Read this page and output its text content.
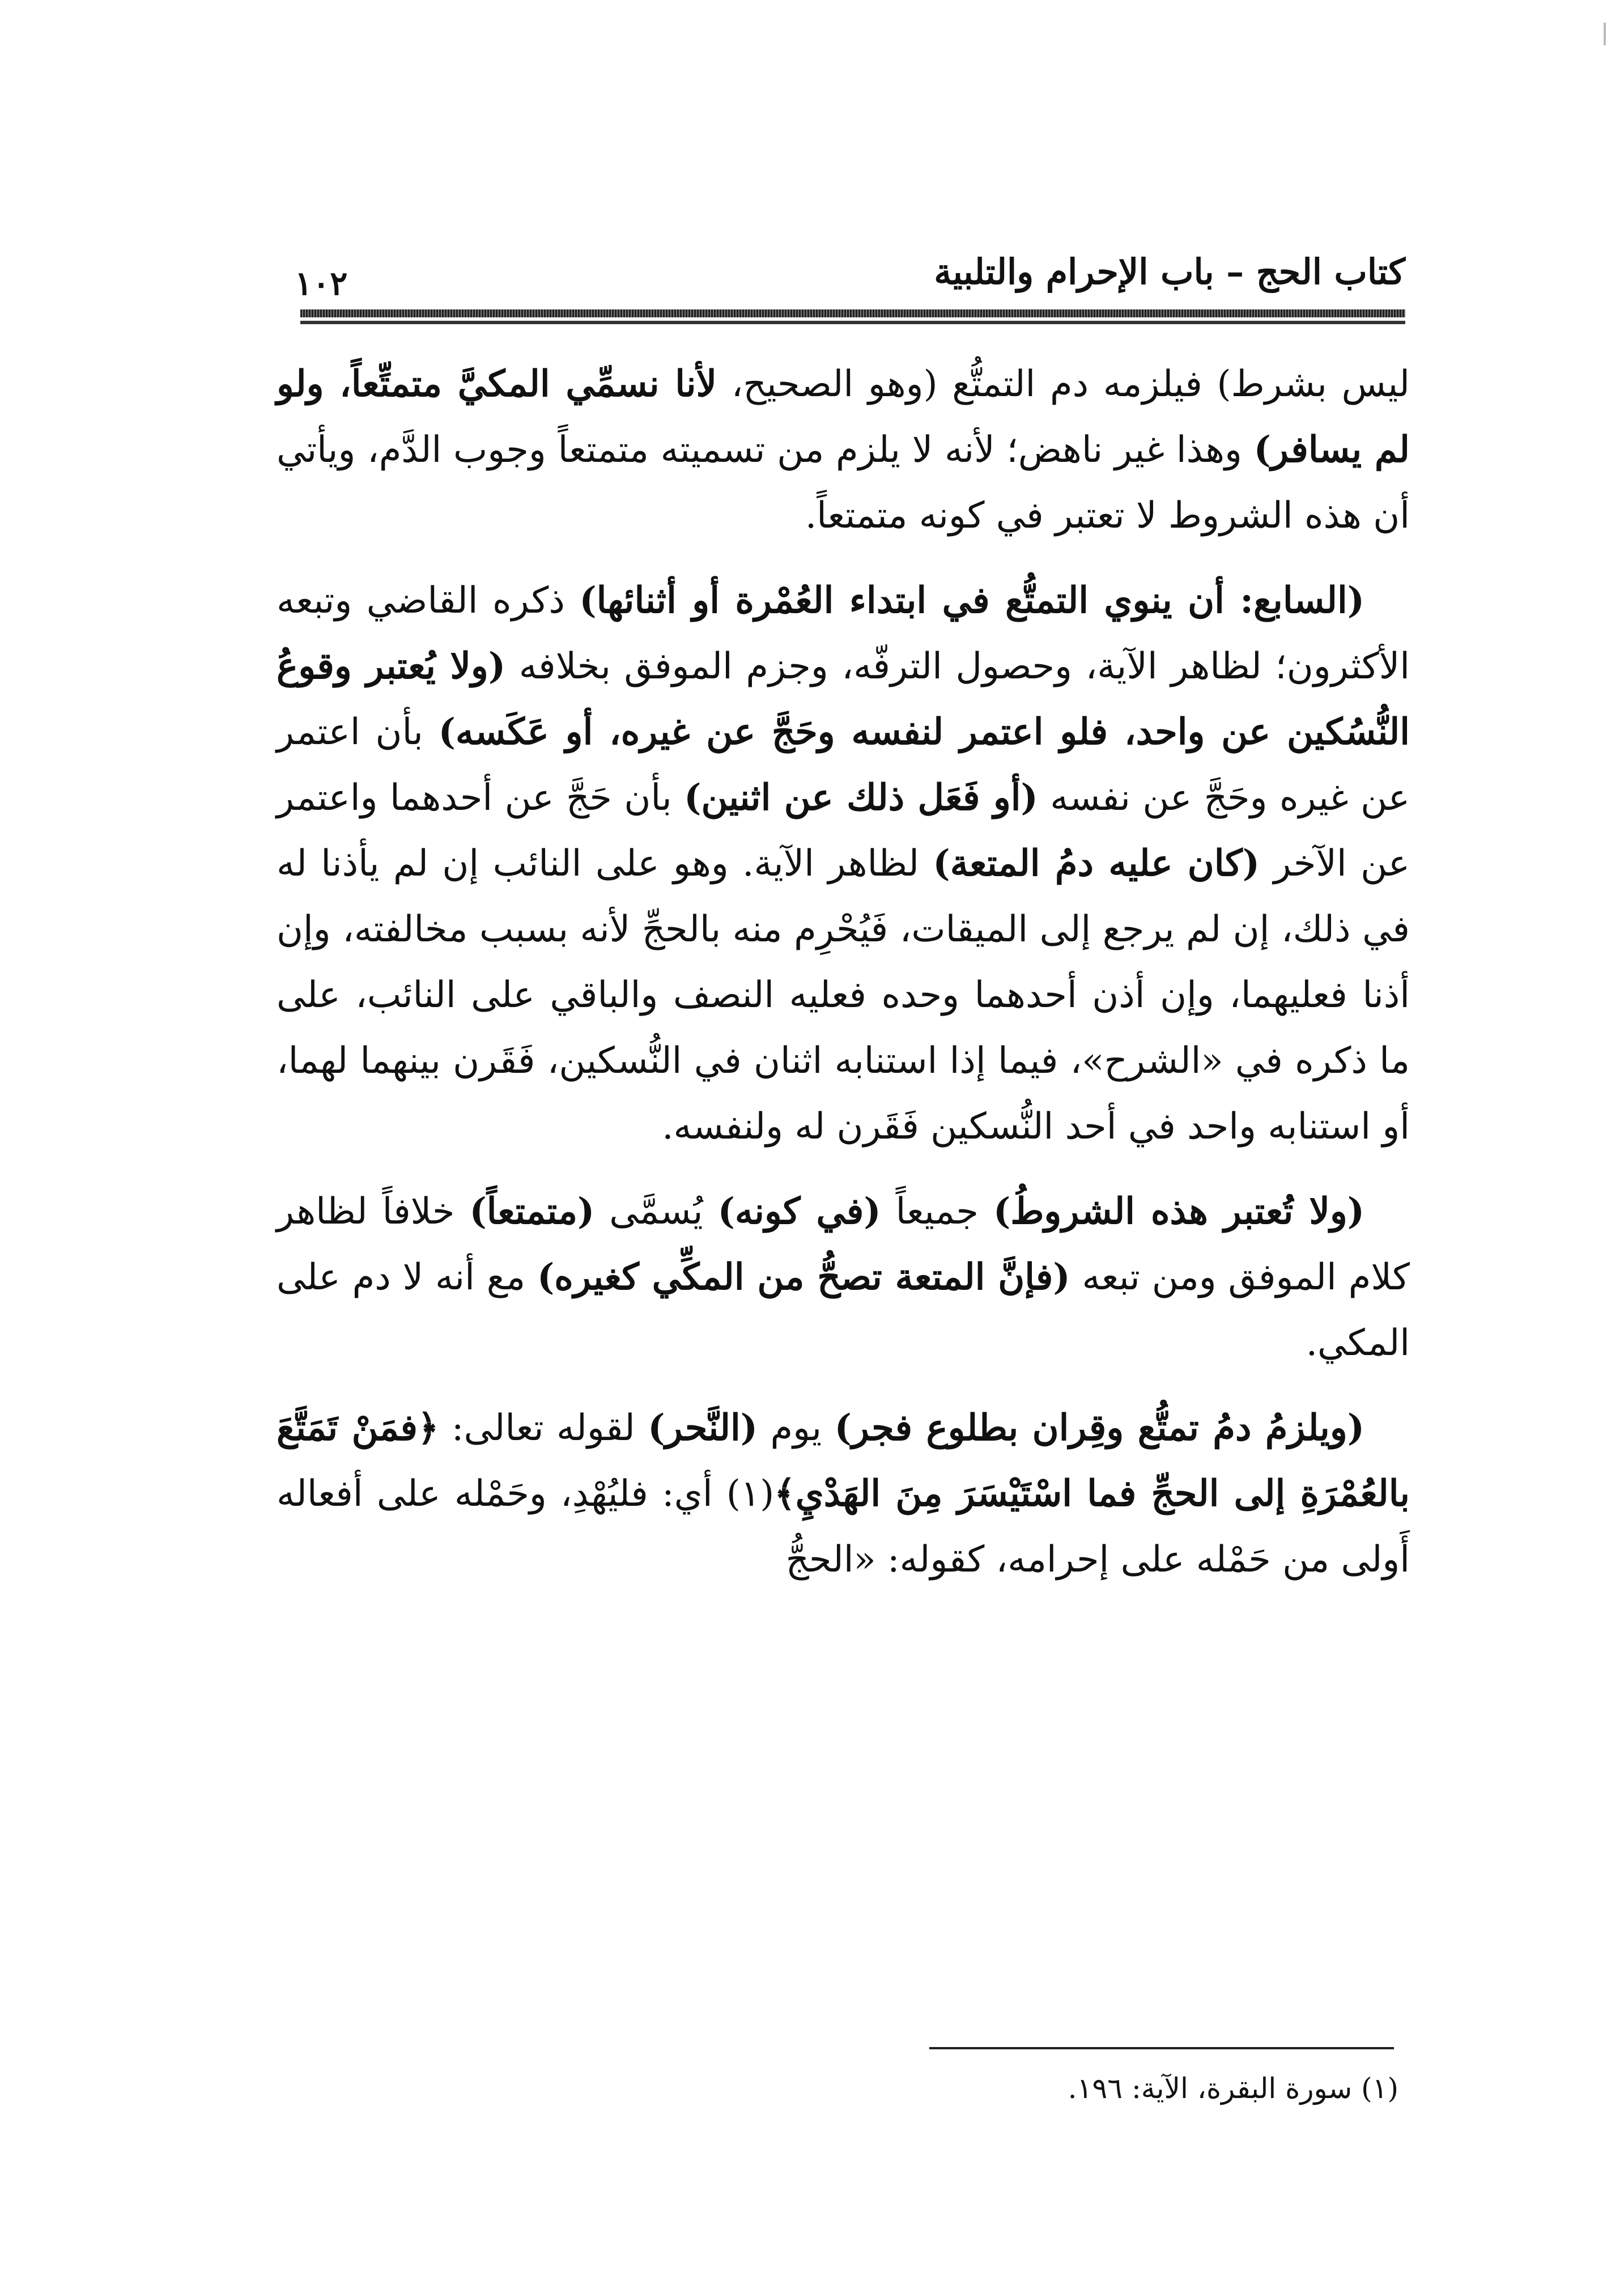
كتاب الحج – باب الإحرام والتلبية
١٠٢

ليس بشرط) فيلزمه دم التمتُّع (وهو الصحيح، لأنا نسمِّي المكيَّ متمتِّعاً، ولو لم يسافر) وهذا غير ناهض؛ لأنه لا يلزم من تسميته متمتعاً وجوب الدَّم، ويأتي أن هذه الشروط لا تعتبر في كونه متمتعاً.

(السابع: أن ينوي التمتُّع في ابتداء العُمْرة أو أثنائها) ذكره القاضي وتبعه الأكثرون؛ لظاهر الآية، وحصول الترفّه، وجزم الموفق بخلافه (ولا يُعتبر وقوعُ النُّسُكين عن واحد، فلو اعتمر لنفسه وحَجَّ عن غيره، أو عَكَسه) بأن اعتمر عن غيره وحَجَّ عن نفسه (أو فَعَل ذلك عن اثنين) بأن حَجَّ عن أحدهما واعتمر عن الآخر (كان عليه دمُ المتعة) لظاهر الآية. وهو على النائب إن لم يأذنا له في ذلك، إن لم يرجع إلى الميقات، فَيُحْرِم منه بالحجِّ لأنه بسبب مخالفته، وإن أذنا فعليهما، وإن أذن أحدهما وحده فعليه النصف والباقي على النائب، على ما ذكره في «الشرح»، فيما إذا استنابه اثنان في النُّسكين، فَقَرن بينهما لهما، أو استنابه واحد في أحد النُّسكين فَقَرن له ولنفسه.

(ولا تُعتبر هذه الشروطُ) جميعاً (في كونه) يُسمَّى (متمتعاً) خلافاً لظاهر كلام الموفق ومن تبعه (فإنَّ المتعة تصحُّ من المكِّي كغيره) مع أنه لا دم على المكي.

(ويلزمُ دمُ تمتُّع وقِران بطلوع فجر) يوم (النَّحر) لقوله تعالى: ﴿فمَنْ تَمَتَّعَ بالعُمْرَةِ إلى الحجِّ فما اسْتَيْسَرَ مِنَ الهَدْيِ﴾(١) أي: فليُهْدِ، وحَمْله على أفعاله أَولى من حَمْله على إحرامه، كقوله: «الحجُّ

(١) سورة البقرة، الآية: ١٩٦.
